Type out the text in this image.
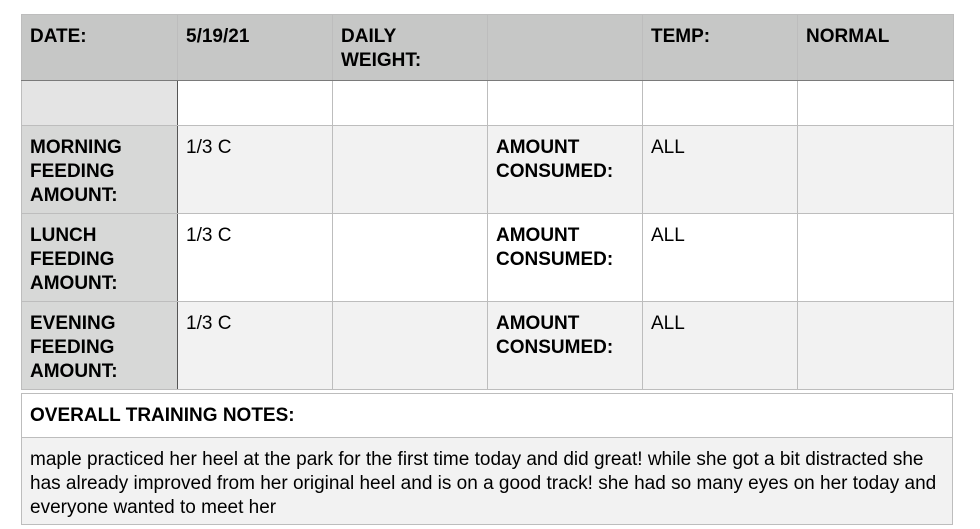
DATE:	5/19/21	DAILY WEIGHT:		TEMP:	NORMAL

MORNING FEEDING AMOUNT:	1/3 C		AMOUNT CONSUMED:	ALL	
LUNCH FEEDING AMOUNT:	1/3 C		AMOUNT CONSUMED:	ALL	
EVENING FEEDING AMOUNT:	1/3 C		AMOUNT CONSUMED:	ALL	
OVERALL TRAINING NOTES:
maple practiced her heel at the park for the first time today and did great! while she got a bit distracted she has already improved from her original heel and is on a good track! she had so many eyes on her today and everyone wanted to meet her
